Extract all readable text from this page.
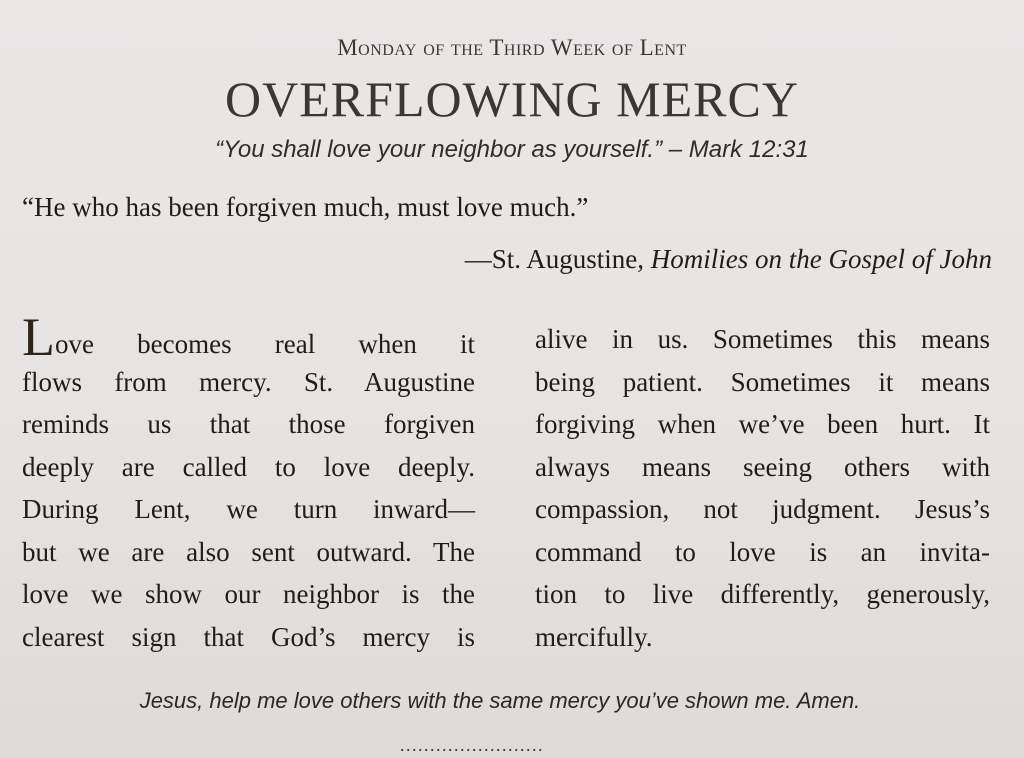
Monday of the Third Week of Lent
OVERFLOWING MERCY
“You shall love your neighbor as yourself.” – Mark 12:31
“He who has been forgiven much, must love much.”
—St. Augustine, Homilies on the Gospel of John
Love becomes real when it
flows from mercy. St. Augustine
reminds us that those forgiven
deeply are called to love deeply.
During Lent, we turn inward—
but we are also sent outward. The
love we show our neighbor is the
clearest sign that God’s mercy is
alive in us. Sometimes this means
being patient. Sometimes it means
forgiving when we’ve been hurt. It
always means seeing others with
compassion, not judgment. Jesus’s
command to love is an invita-
tion to live differently, generously,
mercifully.
Jesus, help me love others with the same mercy you’ve shown me. Amen.
........................
